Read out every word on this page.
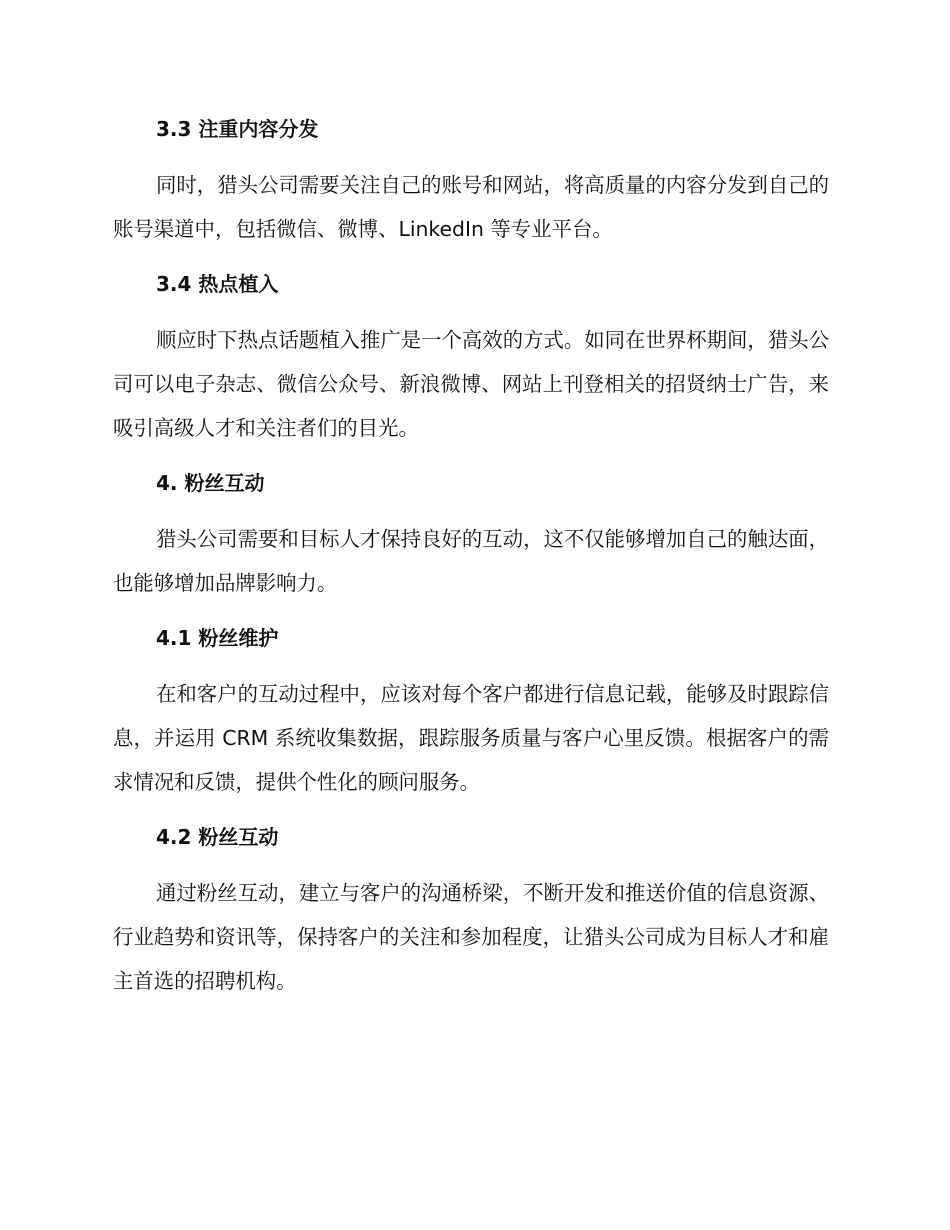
3.3 注重内容分发

同时，猎头公司需要关注自己的账号和网站，将高质量的内容分发到自己的账号渠道中，包括微信、微博、LinkedIn 等专业平台。

3.4 热点植入

顺应时下热点话题植入推广是一个高效的方式。如同在世界杯期间，猎头公司可以电子杂志、微信公众号、新浪微博、网站上刊登相关的招贤纳士广告，来吸引高级人才和关注者们的目光。

4. 粉丝互动

猎头公司需要和目标人才保持良好的互动，这不仅能够增加自己的触达面，也能够增加品牌影响力。

4.1 粉丝维护

在和客户的互动过程中，应该对每个客户都进行信息记载，能够及时跟踪信息，并运用 CRM 系统收集数据，跟踪服务质量与客户心里反馈。根据客户的需求情况和反馈，提供个性化的顾问服务。

4.2 粉丝互动

通过粉丝互动，建立与客户的沟通桥梁，不断开发和推送价值的信息资源、行业趋势和资讯等，保持客户的关注和参加程度，让猎头公司成为目标人才和雇主首选的招聘机构。
